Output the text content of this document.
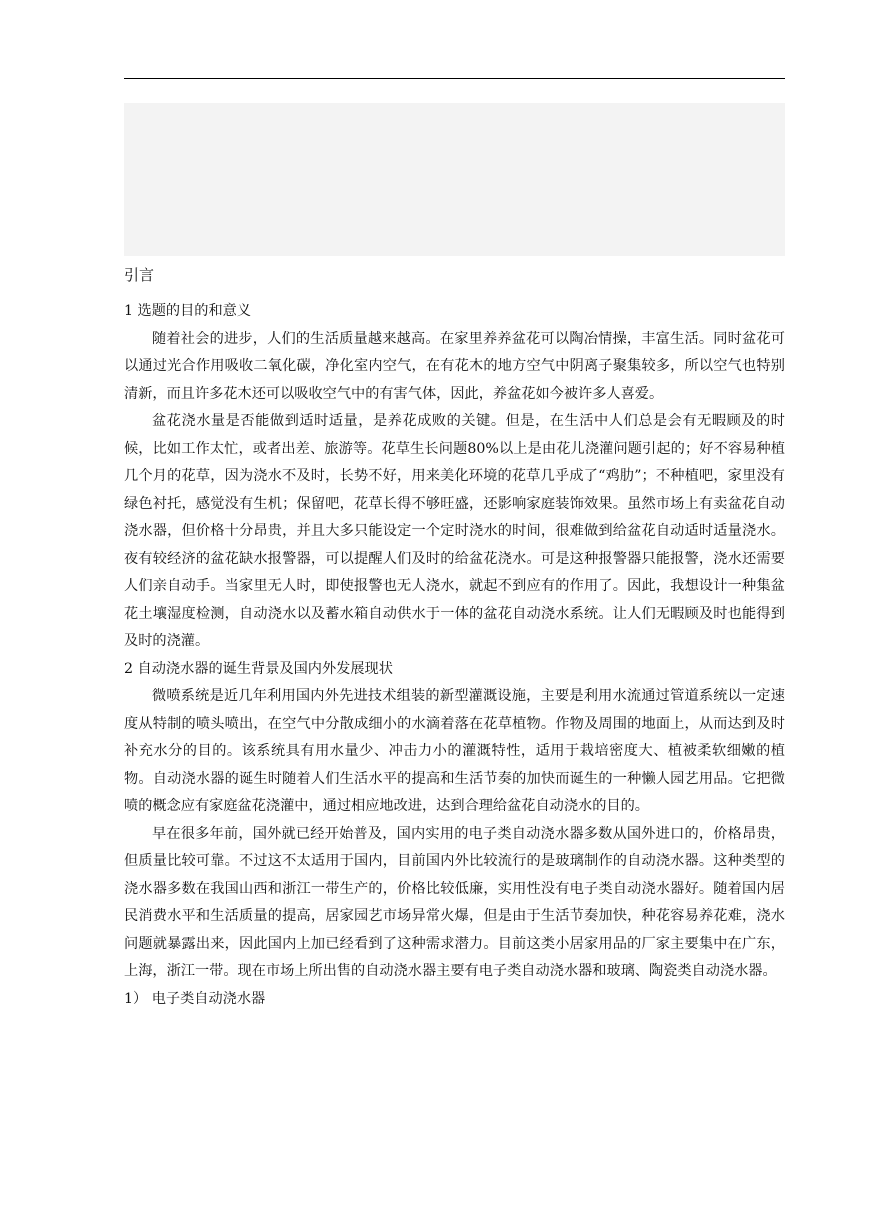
引言

1 选题的目的和意义

随着社会的进步，人们的生活质量越来越高。在家里养养盆花可以陶冶情操，丰富生活。同时盆花可以通过光合作用吸收二氧化碳，净化室内空气，在有花木的地方空气中阴离子聚集较多，所以空气也特别清新，而且许多花木还可以吸收空气中的有害气体，因此，养盆花如今被许多人喜爱。

盆花浇水量是否能做到适时适量，是养花成败的关键。但是，在生活中人们总是会有无暇顾及的时候，比如工作太忙，或者出差、旅游等。花草生长问题80%以上是由花儿浇灌问题引起的；好不容易种植几个月的花草，因为浇水不及时，长势不好，用来美化环境的花草几乎成了“鸡肋”；不种植吧，家里没有绿色衬托，感觉没有生机；保留吧，花草长得不够旺盛，还影响家庭装饰效果。虽然市场上有卖盆花自动浇水器，但价格十分昂贵，并且大多只能设定一个定时浇水的时间，很难做到给盆花自动适时适量浇水。夜有较经济的盆花缺水报警器，可以提醒人们及时的给盆花浇水。可是这种报警器只能报警，浇水还需要人们亲自动手。当家里无人时，即使报警也无人浇水，就起不到应有的作用了。因此，我想设计一种集盆花土壤湿度检测，自动浇水以及蓄水箱自动供水于一体的盆花自动浇水系统。让人们无暇顾及时也能得到及时的浇灌。

2 自动浇水器的诞生背景及国内外发展现状

微喷系统是近几年利用国内外先进技术组装的新型灌溉设施，主要是利用水流通过管道系统以一定速度从特制的喷头喷出，在空气中分散成细小的水滴着落在花草植物。作物及周围的地面上，从而达到及时补充水分的目的。该系统具有用水量少、冲击力小的灌溉特性，适用于栽培密度大、植被柔软细嫩的植物。自动浇水器的诞生时随着人们生活水平的提高和生活节奏的加快而诞生的一种懒人园艺用品。它把微喷的概念应有家庭盆花浇灌中，通过相应地改进，达到合理给盆花自动浇水的目的。

早在很多年前，国外就已经开始普及，国内实用的电子类自动浇水器多数从国外进口的，价格昂贵，但质量比较可靠。不过这不太适用于国内，目前国内外比较流行的是玻璃制作的自动浇水器。这种类型的浇水器多数在我国山西和浙江一带生产的，价格比较低廉，实用性没有电子类自动浇水器好。随着国内居民消费水平和生活质量的提高，居家园艺市场异常火爆，但是由于生活节奏加快，种花容易养花难，浇水问题就暴露出来，因此国内上加已经看到了这种需求潜力。目前这类小居家用品的厂家主要集中在广东，上海，浙江一带。现在市场上所出售的自动浇水器主要有电子类自动浇水器和玻璃、陶瓷类自动浇水器。

1） 电子类自动浇水器
